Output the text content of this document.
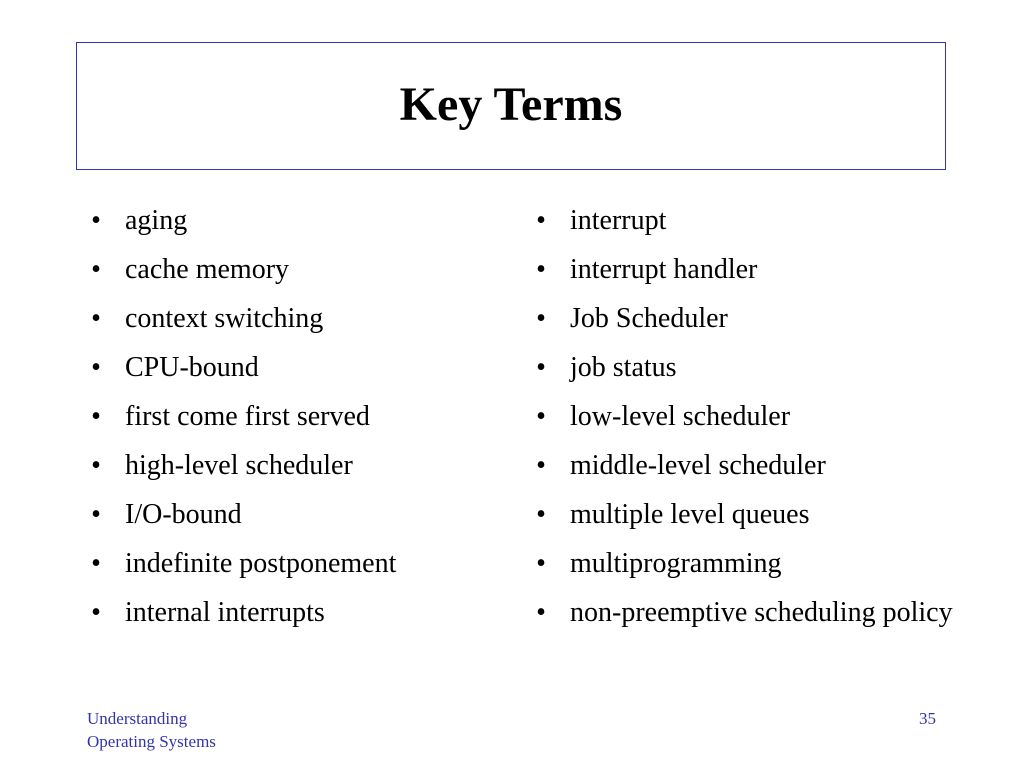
Key Terms
• aging
• cache memory
• context switching
• CPU-bound
• first come first served
• high-level scheduler
• I/O-bound
• indefinite postponement
• internal interrupts
• interrupt
• interrupt handler
• Job Scheduler
• job status
• low-level scheduler
• middle-level scheduler
• multiple level queues
• multiprogramming
• non-preemptive scheduling policy
Understanding
Operating Systems
35
